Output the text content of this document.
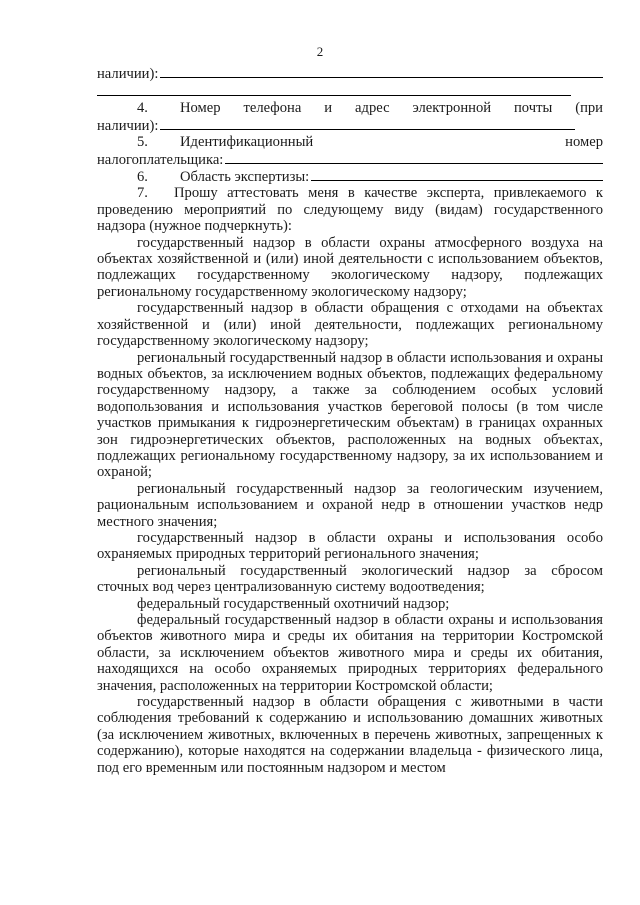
2
наличии):
4.	Номер телефона и адрес электронной почты (при
наличии):
5.	Идентификационный	номер
налогоплательщика:
6.	Область экспертизы:

7. Прошу аттестовать меня в качестве эксперта, привлекаемого к проведению мероприятий по следующему виду (видам) государственного надзора (нужное подчеркнуть):

государственный надзор в области охраны атмосферного воздуха на объектах хозяйственной и (или) иной деятельности с использованием объектов, подлежащих государственному экологическому надзору, подлежащих региональному государственному экологическому надзору;

государственный надзор в области обращения с отходами на объектах хозяйственной и (или) иной деятельности, подлежащих региональному государственному экологическому надзору;

региональный государственный надзор в области использования и охраны водных объектов, за исключением водных объектов, подлежащих федеральному государственному надзору, а также за соблюдением особых условий водопользования и использования участков береговой полосы (в том числе участков примыкания к гидроэнергетическим объектам) в границах охранных зон гидроэнергетических объектов, расположенных на водных объектах, подлежащих региональному государственному надзору, за их использованием и охраной;

региональный государственный надзор за геологическим изучением, рациональным использованием и охраной недр в отношении участков недр местного значения;

государственный надзор в области охраны и использования особо охраняемых природных территорий регионального значения;

региональный государственный экологический надзор за сбросом сточных вод через централизованную систему водоотведения;

федеральный государственный охотничий надзор;

федеральный государственный надзор в области охраны и использования объектов животного мира и среды их обитания на территории Костромской области, за исключением объектов животного мира и среды их обитания, находящихся на особо охраняемых природных территориях федерального значения, расположенных на территории Костромской области;

государственный надзор в области обращения с животными в части соблюдения требований к содержанию и использованию домашних животных (за исключением животных, включенных в перечень животных, запрещенных к содержанию), которые находятся на содержании владельца - физического лица, под его временным или постоянным надзором и местом
